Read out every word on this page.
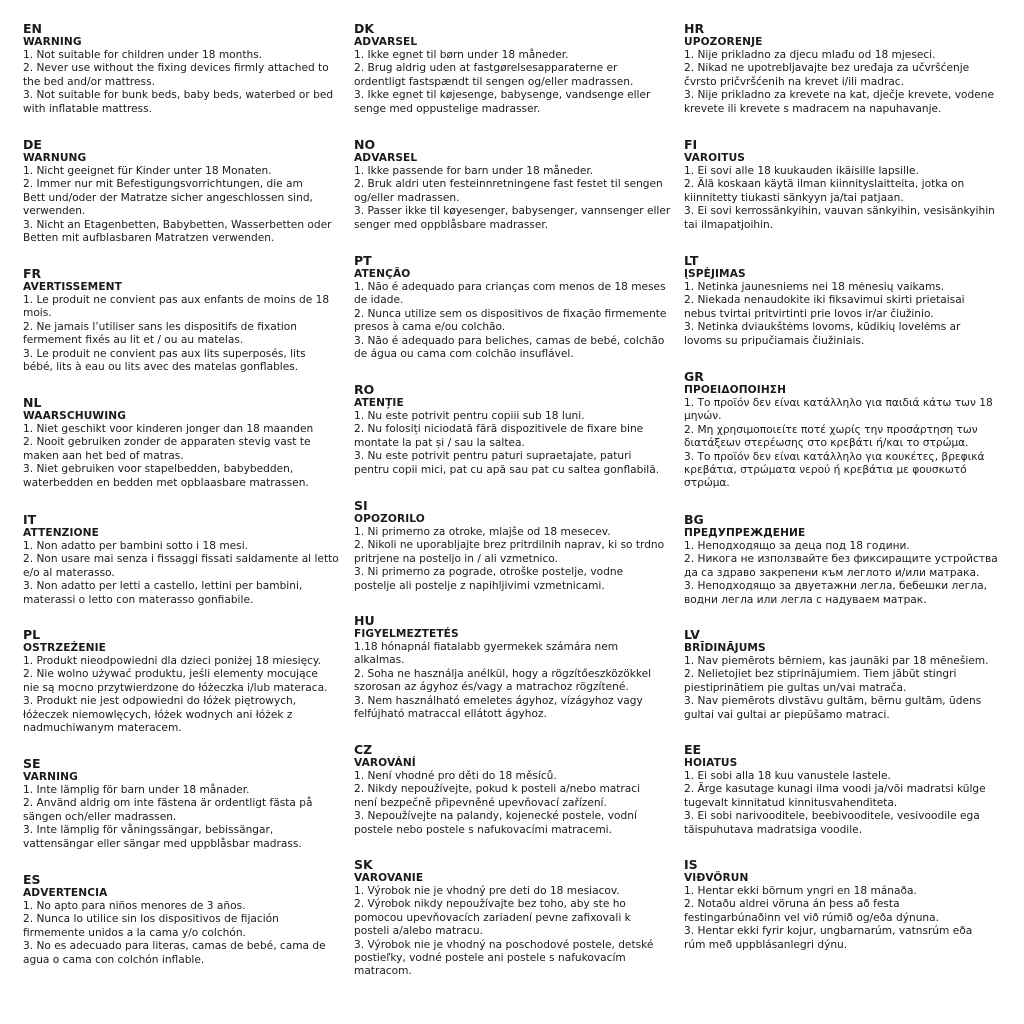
EN
WARNING
1. Not suitable for children under 18 months.
2. Never use without the fixing devices firmly attached to
the bed and/or mattress.
3. Not suitable for bunk beds, baby beds, waterbed or bed
with inflatable mattress.
DE
WARNUNG
1. Nicht geeignet für Kinder unter 18 Monaten.
2. Immer nur mit Befestigungsvorrichtungen, die am
Bett und/oder der Matratze sicher angeschlossen sind,
verwenden.
3. Nicht an Etagenbetten, Babybetten, Wasserbetten oder
Betten mit aufblasbaren Matratzen verwenden.
FR
AVERTISSEMENT
1. Le produit ne convient pas aux enfants de moins de 18
mois.
2. Ne jamais l’utiliser sans les dispositifs de fixation
fermement fixés au lit et / ou au matelas.
3. Le produit ne convient pas aux lits superposés, lits
bébé, lits à eau ou lits avec des matelas gonflables.
NL
WAARSCHUWING
1. Niet geschikt voor kinderen jonger dan 18 maanden
2. Nooit gebruiken zonder de apparaten stevig vast te
maken aan het bed of matras.
3. Niet gebruiken voor stapelbedden, babybedden,
waterbedden en bedden met opblaasbare matrassen.
IT
ATTENZIONE
1. Non adatto per bambini sotto i 18 mesi.
2. Non usare mai senza i fissaggi fissati saldamente al letto
e/o al materasso.
3. Non adatto per letti a castello, lettini per bambini,
materassi o letto con materasso gonfiabile.
PL
OSTRZEŻENIE
1. Produkt nieodpowiedni dla dzieci poniżej 18 miesięcy.
2. Nie wolno używać produktu, jeśli elementy mocujące
nie są mocno przytwierdzone do łóżeczka i/lub materaca.
3. Produkt nie jest odpowiedni do łóżek piętrowych,
łóżeczek niemowlęcych, łóżek wodnych ani łóżek z
nadmuchiwanym materacem.
SE
VARNING
1. Inte lämplig för barn under 18 månader.
2. Använd aldrig om inte fästena är ordentligt fästa på
sängen och/eller madrassen.
3. Inte lämplig för våningssängar, bebissängar,
vattensängar eller sängar med uppblåsbar madrass.
ES
ADVERTENCIA
1. No apto para niños menores de 3 años.
2. Nunca lo utilice sin los dispositivos de fijación
firmemente unidos a la cama y/o colchón.
3. No es adecuado para literas, camas de bebé, cama de
agua o cama con colchón inflable.
DK
ADVARSEL
1. Ikke egnet til børn under 18 måneder.
2. Brug aldrig uden at fastgørelsesapparaterne er
ordentligt fastspændt til sengen og/eller madrassen.
3. Ikke egnet til køjesenge, babysenge, vandsenge eller
senge med oppustelige madrasser.
NO
ADVARSEL
1. Ikke passende for barn under 18 måneder.
2. Bruk aldri uten festeinnretningene fast festet til sengen
og/eller madrassen.
3. Passer ikke til køyesenger, babysenger, vannsenger eller
senger med oppblåsbare madrasser.
PT
ATENÇÃO
1. Não é adequado para crianças com menos de 18 meses
de idade.
2. Nunca utilize sem os dispositivos de fixação firmemente
presos à cama e/ou colchão.
3. Não é adequado para beliches, camas de bebé, colchão
de água ou cama com colchão insuflável.
RO
ATENȚIE
1. Nu este potrivit pentru copiii sub 18 luni.
2. Nu folosiți niciodată fără dispozitivele de fixare bine
montate la pat și / sau la saltea.
3. Nu este potrivit pentru paturi supraetajate, paturi
pentru copii mici, pat cu apă sau pat cu saltea gonflabilă.
SI
OPOZORILO
1. Ni primerno za otroke, mlajše od 18 mesecev.
2. Nikoli ne uporabljajte brez pritrdilnih naprav, ki so trdno
pritrjene na posteljo in / ali vzmetnico.
3. Ni primerno za pograde, otroške postelje, vodne
postelje ali postelje z napihljivimi vzmetnicami.
HU
FIGYELMEZTETÉS
1.18 hónapnál fiatalabb gyermekek számára nem
alkalmas.
2. Soha ne használja anélkül, hogy a rögzítőeszközökkel
szorosan az ágyhoz és/vagy a matrachoz rögzítené.
3. Nem használható emeletes ágyhoz, vízágyhoz vagy
felfújható matraccal ellátott ágyhoz.
CZ
VAROVÁNÍ
1. Není vhodné pro děti do 18 měsíců.
2. Nikdy nepoužívejte, pokud k posteli a/nebo matraci
není bezpečně připevněné upevňovací zařízení.
3. Nepoužívejte na palandy, kojenecké postele, vodní
postele nebo postele s nafukovacími matracemi.
SK
VAROVANIE
1. Výrobok nie je vhodný pre deti do 18 mesiacov.
2. Výrobok nikdy nepoužívajte bez toho, aby ste ho
pomocou upevňovacích zariadení pevne zafixovali k
posteli a/alebo matracu.
3. Výrobok nie je vhodný na poschodové postele, detské
postieľky, vodné postele ani postele s nafukovacím
matracom.
HR
UPOZORENJE
1. Nije prikladno za djecu mlađu od 18 mjeseci.
2. Nikad ne upotrebljavajte bez uređaja za učvršćenje
čvrsto pričvršćenih na krevet i/ili madrac.
3. Nije prikladno za krevete na kat, dječje krevete, vodene
krevete ili krevete s madracem na napuhavanje.
FI
VAROITUS
1. Ei sovi alle 18 kuukauden ikäisille lapsille.
2. Älä koskaan käytä ilman kiinnityslaitteita, jotka on
kiinnitetty tiukasti sänkyyn ja/tai patjaan.
3. Ei sovi kerrossänkyihin, vauvan sänkyihin, vesisänkyihin
tai ilmapatjoihin.
LT
ĮSPĖJIMAS
1. Netinka jaunesniems nei 18 mėnesių vaikams.
2. Niekada nenaudokite iki fiksavimui skirti prietaisai
nebus tvirtai pritvirtinti prie lovos ir/ar čiužinio.
3. Netinka dviaukštėms lovoms, kūdikių lovelėms ar
lovoms su pripučiamais čiužiniais.
GR
ΠΡΟΕΙΔΟΠΟΙΗΣΗ
1. Το προϊόν δεν είναι κατάλληλο για παιδιά κάτω των 18
μηνών.
2. Μη χρησιμοποιείτε ποτέ χωρίς την προσάρτηση των
διατάξεων στερέωσης στο κρεβάτι ή/και το στρώμα.
3. Το προϊόν δεν είναι κατάλληλο για κουκέτες, βρεφικά
κρεβάτια, στρώματα νερού ή κρεβάτια με φουσκωτό
στρώμα.
BG
ПРЕДУПРЕЖДЕНИЕ
1. Неподходящо за деца под 18 години.
2. Никога не използвайте без фиксиращите устройства
да са здраво закрепени към леглото и/или матрака.
3. Неподходящо за двуетажни легла, бебешки легла,
водни легла или легла с надуваем матрак.
LV
BRĪDINĀJUMS
1. Nav piemērots bērniem, kas jaunāki par 18 mēnešiem.
2. Nelietojiet bez stiprinājumiem. Tiem jābūt stingri
piestiprinātiem pie gultas un/vai matrača.
3. Nav piemērots divstāvu gultām, bērnu gultām, ūdens
gultai vai gultai ar piepūšamo matraci.
EE
HOIATUS
1. Ei sobi alla 18 kuu vanustele lastele.
2. Ärge kasutage kunagi ilma voodi ja/või madratsi külge
tugevalt kinnitatud kinnitusvahenditeta.
3. Ei sobi narivooditele, beebivooditele, vesivoodile ega
täispuhutava madratsiga voodile.
IS
VIÐVÖRUN
1. Hentar ekki börnum yngri en 18 mánaða.
2. Notaðu aldrei vöruna án þess að festa
festingarbúnaðinn vel við rúmið og/eða dýnuna.
3. Hentar ekki fyrir kojur, ungbarnarúm, vatnsrúm eða
rúm með uppblásanlegri dýnu.
